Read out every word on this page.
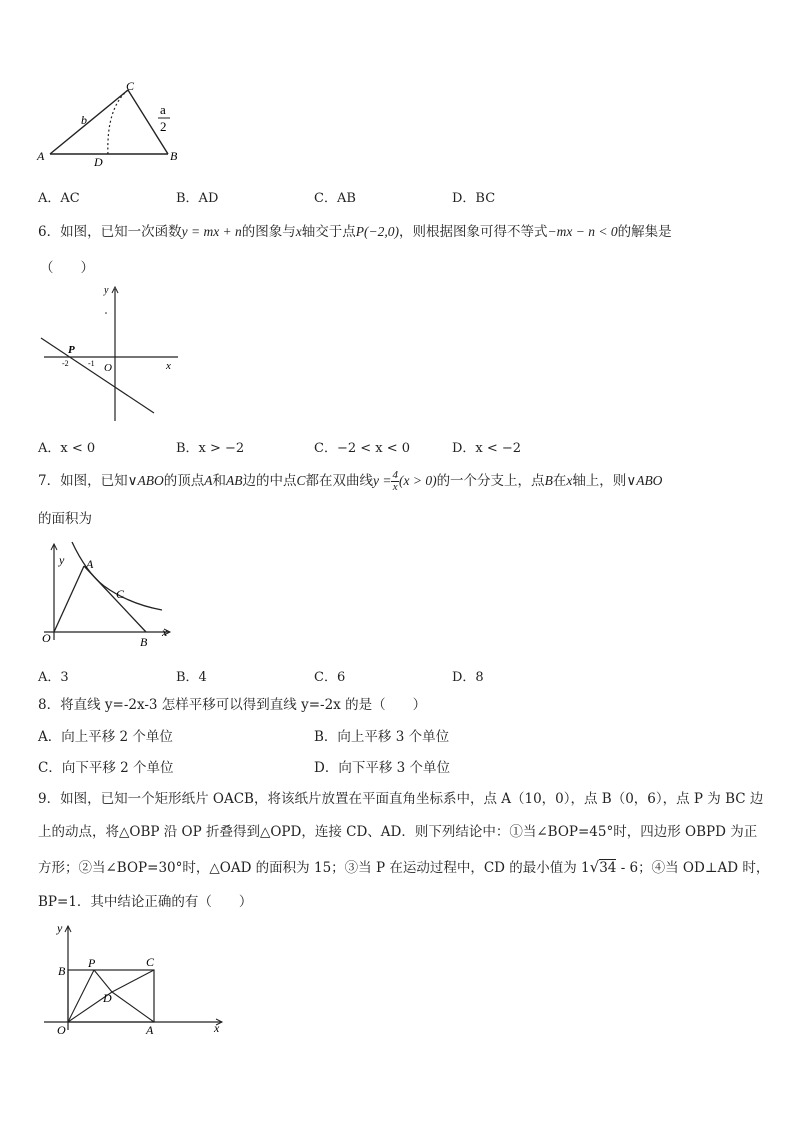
A	B
C
D
b
a
2
A．AC	B．AD	C．AB	D．BC
6．如图，已知一次函数y = mx + n的图象与x轴交于点P(−2,0)，则根据图象可得不等式−mx − n < 0的解集是
（　　）
y
x
O
P
-2 -1
A．x < 0	B．x > −2	C．−2 < x < 0	D．x < −2
7．如图，已知∨ABO的顶点A和AB边的中点C都在双曲线$y = \frac{4}{x} (x > 0)$的一个分支上，点B在x轴上，则∨ABO
的面积为
y
x
O
A
C
B
A．3	B．4	C．6	D．8
8．将直线 y=-2x-3 怎样平移可以得到直线 y=-2x 的是（　　）
A．向上平移 2 个单位	B．向上平移 3 个单位
C．向下平移 2 个单位	D．向下平移 3 个单位
9．如图，已知一个矩形纸片 OACB，将该纸片放置在平面直角坐标系中，点 A（10，0），点 B（0，6），点 P 为 BC 边
上的动点，将△OBP 沿 OP 折叠得到△OPD，连接 CD、AD．则下列结论中：①当∠BOP=45°时，四边形 OBPD 为正
方形；②当∠BOP=30°时，△OAD 的面积为 15；③当 P 在运动过程中，CD 的最小值为 1√34 - 6；④当 OD⊥AD 时，
BP=1．其中结论正确的有（　　）
y
x
O
B
P	C
D
A
